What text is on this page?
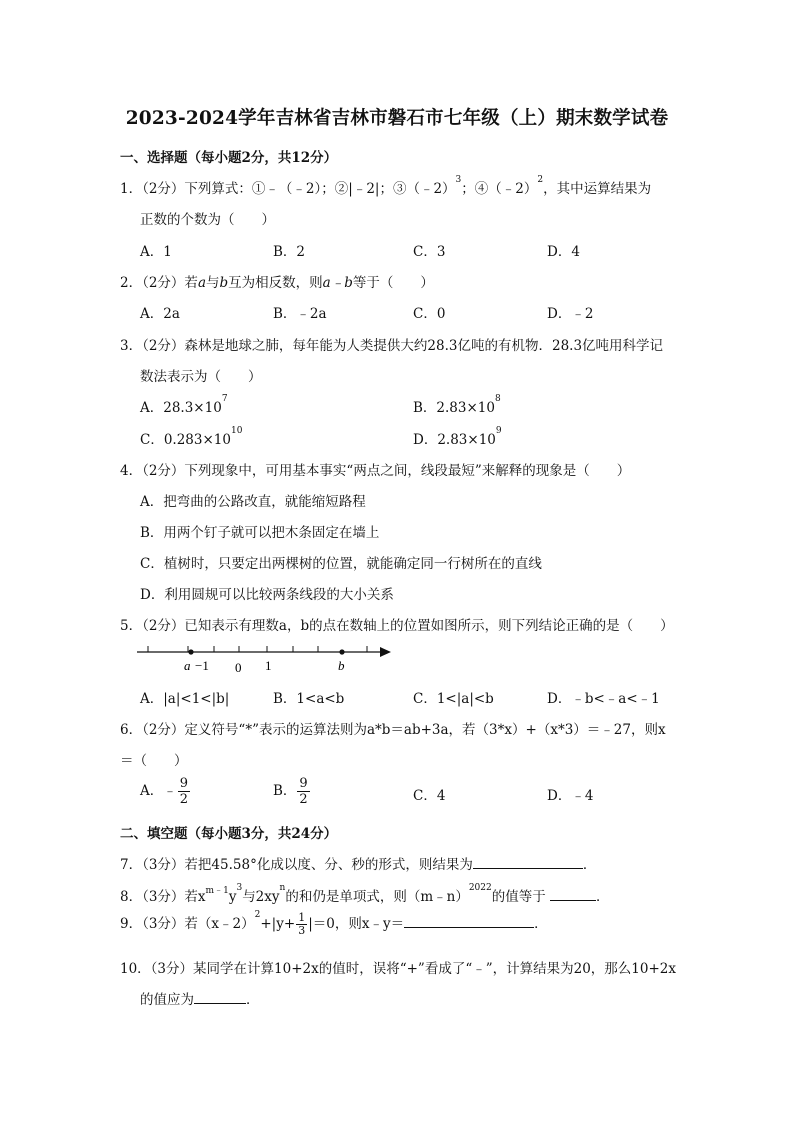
2023-2024学年吉林省吉林市磐石市七年级（上）期末数学试卷
一、选择题（每小题2分，共12分）
1．（2分）下列算式：①﹣（﹣2）；②|﹣2|；③（﹣2）$^3$；④（﹣2）$^2$，其中运算结果为
正数的个数为（　　）
A．1	B．2	C．3	D．4
2．（2分）若a与b互为相反数，则a﹣b等于（　　）
A．2a	B．﹣2a	C．0	D．﹣2
3．（2分）森林是地球之肺，每年能为人类提供大约28.3亿吨的有机物．28.3亿吨用科学记
数法表示为（　　）
A．$28.3\times 10^7$
B．$2.83\times 10^8$
C．$0.283\times 10^{10}$
D．$2.83\times 10^9$
4．（2分）下列现象中，可用基本事实“两点之间，线段最短”来解释的现象是（　　）
A．把弯曲的公路改直，就能缩短路程
B．用两个钉子就可以把木条固定在墙上
C．植树时，只要定出两棵树的位置，就能确定同一行树所在的直线
D．利用圆规可以比较两条线段的大小关系
5．（2分）已知表示有理数a，b的点在数轴上的位置如图所示，则下列结论正确的是（　　）
a −1 0 1	b
A．|a|<1<|b|	B．1<a<b	C．1<|a|<b	D．﹣b<﹣a<﹣1
6．（2分）定义符号“*”表示的运算法则为a*b＝ab+3a，若（3*x）+（x*3）＝﹣27，则x
＝（　　）
A．﹣ $\frac{9}{2}$	B． $\frac{9}{2}$	C．4	D．﹣4
二、填空题（每小题3分，共24分）
7．（3分）若把45.58°化成以度、分、秒的形式，则结果为	．
8．（3分）若$x^{m﹣1}y^3$与$2xy^n$的和仍是单项式，则（m﹣n）$^{2022}$的值等于	．
9．（3分）若（x﹣2）$^2$+|y+ $\frac{1}{3} |=0$，则x﹣y＝	．
10．（3分）某同学在计算10+2x的值时，误将“+”看成了“﹣”，计算结果为20，那么10+2x
的值应为	．
